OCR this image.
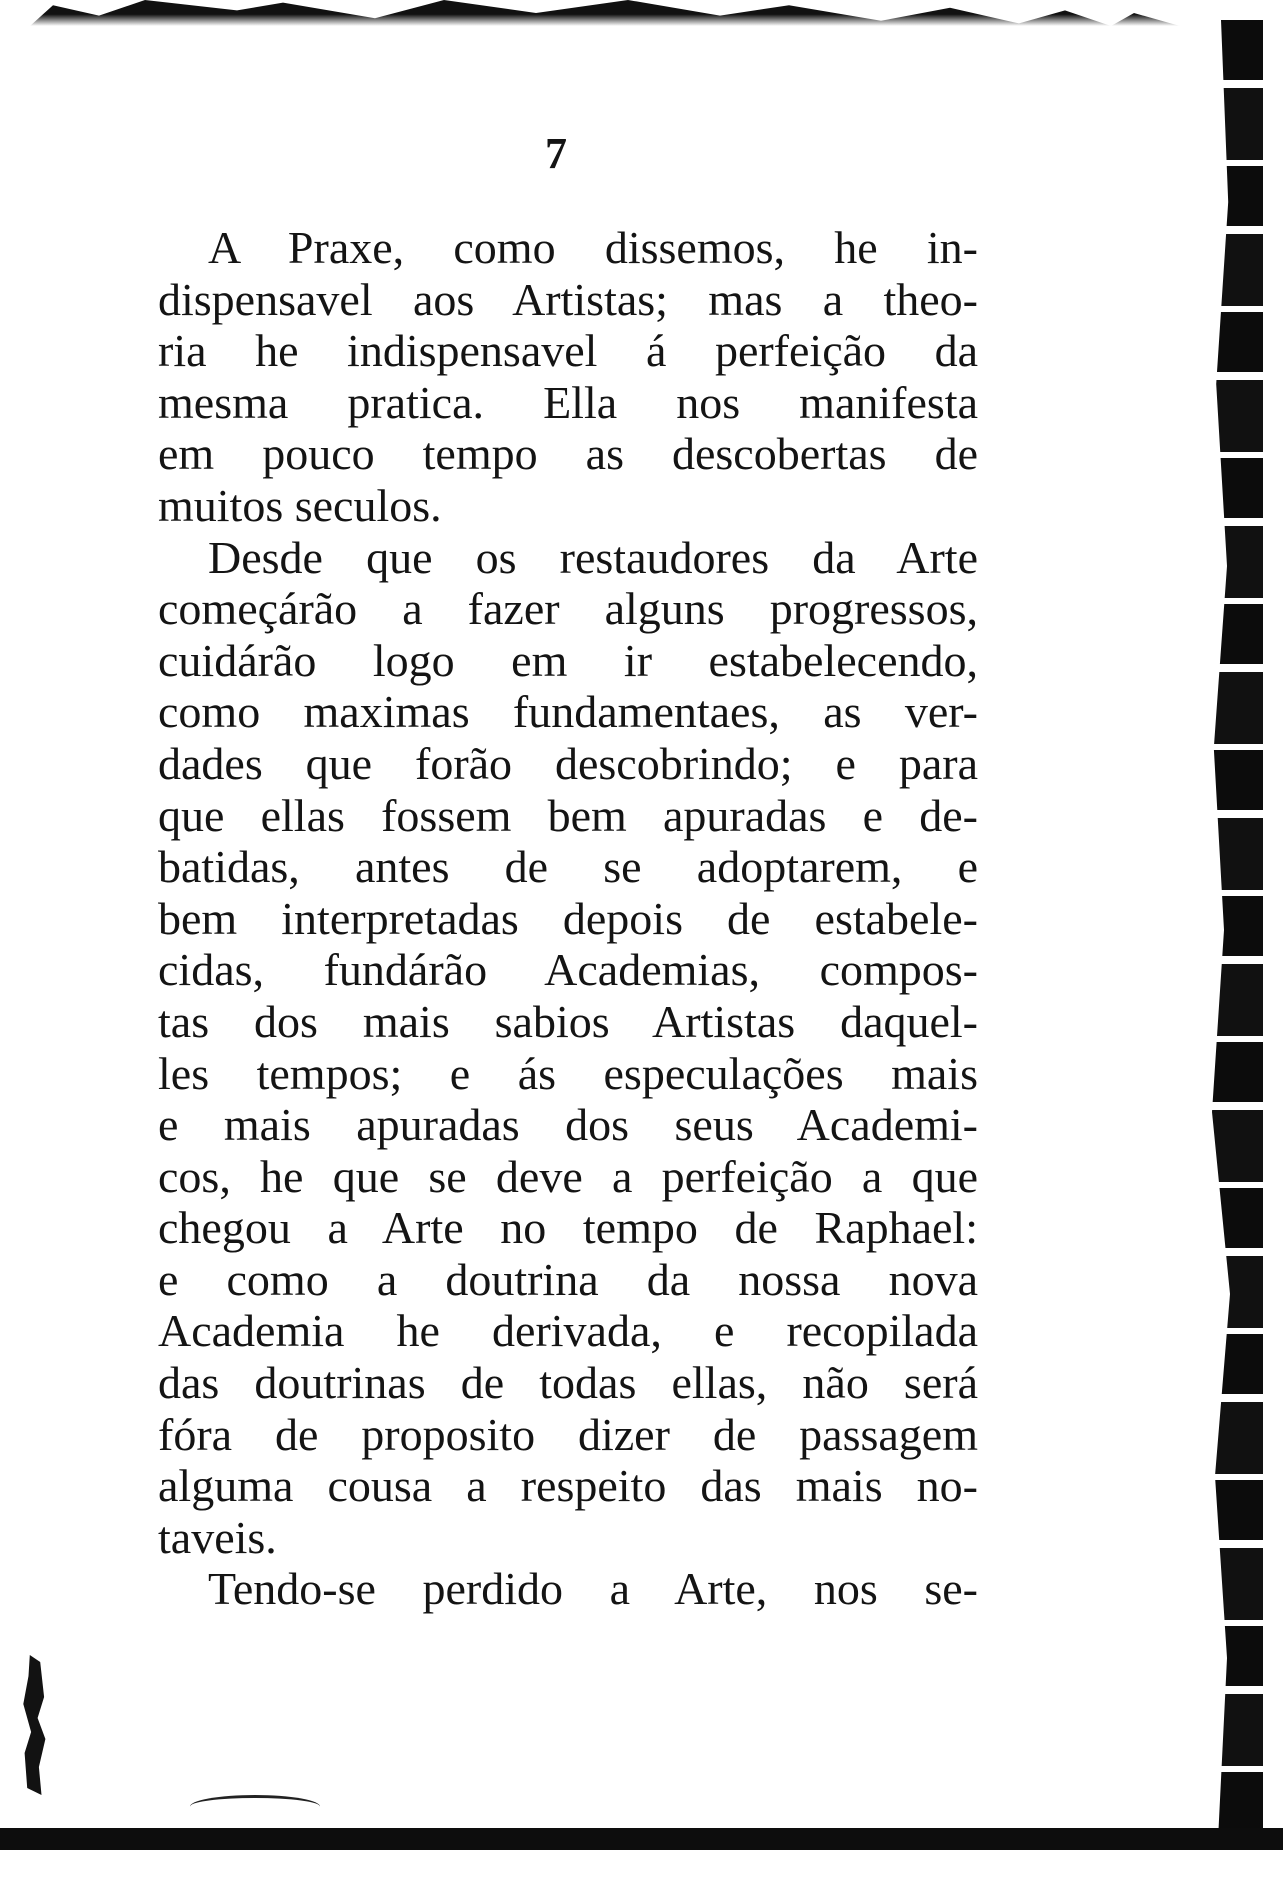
7
A Praxe, como dissemos, he in-
dispensavel aos Artistas; mas a theo-
ria he indispensavel á perfeição da
mesma pratica. Ella nos manifesta
em pouco tempo as descobertas de
muitos seculos.
Desde que os restaudores da Arte
começárão a fazer alguns progressos,
cuidárão logo em ir estabelecendo,
como maximas fundamentaes, as ver-
dades que forão descobrindo; e para
que ellas fossem bem apuradas e de-
batidas, antes de se adoptarem, e
bem interpretadas depois de estabele-
cidas, fundárão Academias, compos-
tas dos mais sabios Artistas daquel-
les tempos; e ás especulações mais
e mais apuradas dos seus Academi-
cos, he que se deve a perfeição a que
chegou a Arte no tempo de Raphael:
e como a doutrina da nossa nova
Academia he derivada, e recopilada
das doutrinas de todas ellas, não será
fóra de proposito dizer de passagem
alguma cousa a respeito das mais no-
taveis.
Tendo-se perdido a Arte, nos se-
